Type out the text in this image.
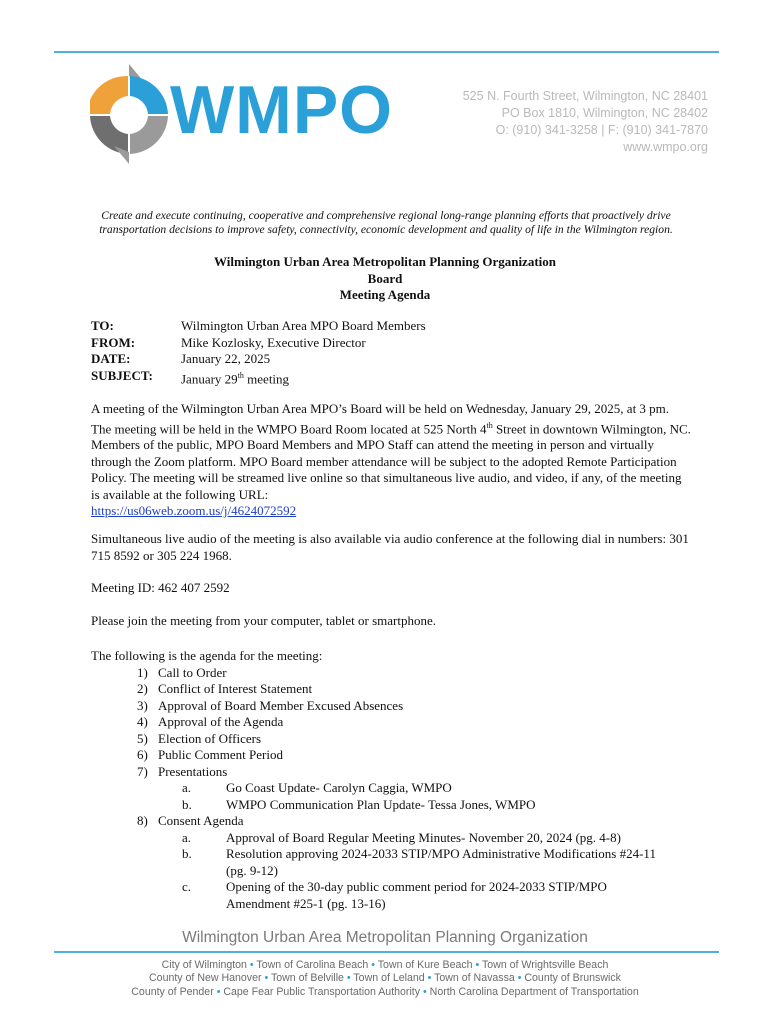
WMPO	525 N. Fourth Street, Wilmington, NC 28401
PO Box 1810, Wilmington, NC 28402
O: (910) 341-3258 | F: (910) 341-7870
www.wmpo.org
Create and execute continuing, cooperative and comprehensive regional long-range planning efforts that proactively drive transportation decisions to improve safety, connectivity, economic development and quality of life in the Wilmington region.
Wilmington Urban Area Metropolitan Planning Organization
Board
Meeting Agenda
TO:	Wilmington Urban Area MPO Board Members
FROM:	Mike Kozlosky, Executive Director
DATE:	January 22, 2025
SUBJECT:	January 29th meeting
A meeting of the Wilmington Urban Area MPO’s Board will be held on Wednesday, January 29, 2025, at 3 pm. The meeting will be held in the WMPO Board Room located at 525 North 4th Street in downtown Wilmington, NC. Members of the public, MPO Board Members and MPO Staff can attend the meeting in person and virtually through the Zoom platform. MPO Board member attendance will be subject to the adopted Remote Participation Policy. The meeting will be streamed live online so that simultaneous live audio, and video, if any, of the meeting is available at the following URL:
https://us06web.zoom.us/j/4624072592
Simultaneous live audio of the meeting is also available via audio conference at the following dial in numbers: 301 715 8592 or 305 224 1968.
Meeting ID: 462 407 2592
Please join the meeting from your computer, tablet or smartphone.
The following is the agenda for the meeting:
1) Call to Order
2) Conflict of Interest Statement
3) Approval of Board Member Excused Absences
4) Approval of the Agenda
5) Election of Officers
6) Public Comment Period
7) Presentations
a.	Go Coast Update- Carolyn Caggia, WMPO
b.	WMPO Communication Plan Update- Tessa Jones, WMPO
8) Consent Agenda
a.	Approval of Board Regular Meeting Minutes- November 20, 2024 (pg. 4-8)
b.	Resolution approving 2024-2033 STIP/MPO Administrative Modifications #24-11 (pg. 9-12)
c.	Opening of the 30-day public comment period for 2024-2033 STIP/MPO Amendment #25-1 (pg. 13-16)
Wilmington Urban Area Metropolitan Planning Organization
City of Wilmington • Town of Carolina Beach • Town of Kure Beach • Town of Wrightsville Beach
County of New Hanover • Town of Belville • Town of Leland • Town of Navassa • County of Brunswick
County of Pender • Cape Fear Public Transportation Authority • North Carolina Department of Transportation
